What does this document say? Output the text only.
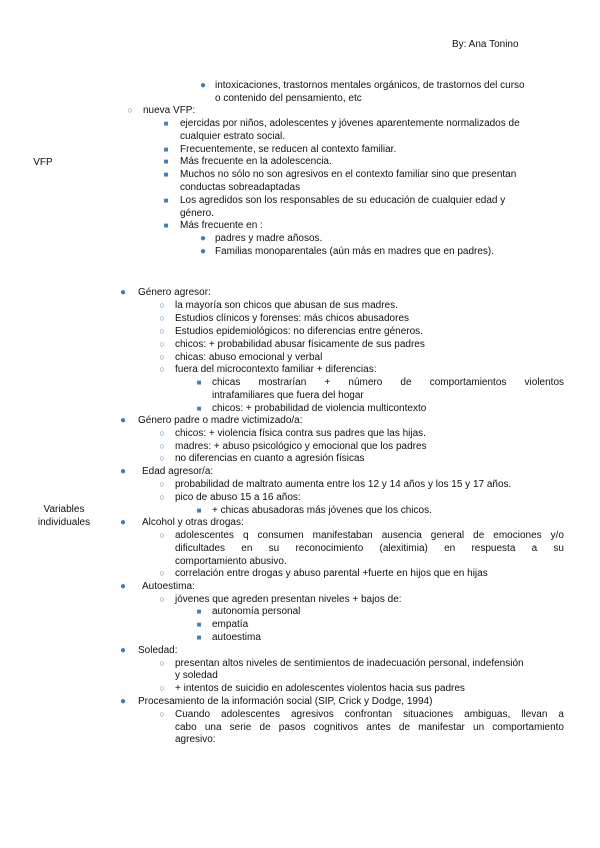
By: Ana Tonino
VFP
● intoxicaciones, trastornos mentales orgánicos, de trastornos del curso
o contenido del pensamiento, etc
○	nueva VFP:
■	ejercidas por niños, adolescentes y jóvenes aparentemente normalizados de
cualquier estrato social.
■	Frecuentemente, se reducen al contexto familiar.
■	Más frecuente en la adolescencia.
■	Muchos no sólo no son agresivos en el contexto familiar sino que presentan
conductas sobreadaptadas
■	Los agredidos son los responsables de su educación de cualquier edad y
género.
■	Más frecuente en :
● padres y madre añosos.
● Familias monoparentales (aún más en madres que en padres).
Variables
individuales
● Género agresor:
○	la mayoría son chicos que abusan de sus madres.
○	Estudios clínicos y forenses: más chicos abusadores
○	Estudios epidemiológicos: no diferencias entre géneros.
○	chicos: + probabilidad abusar físicamente de sus padres
○	chicas: abuso emocional y verbal
○	fuera del microcontexto familiar + diferencias:
■	chicas mostrarían + número de comportamientos violentos
intrafamiliares que fuera del hogar
■	chicos: + probabilidad de violencia multicontexto
● Género padre o madre victimizado/a:
○	chicos: + violencia física contra sus padres que las hijas.
○	madres: + abuso psicológico y emocional que los padres
○	no diferencias en cuanto a agresión físicas
● Edad agresor/a:
○	probabilidad de maltrato aumenta entre los 12 y 14 años y los 15 y 17 años.
○	pico de abuso 15 a 16 años:
■	+ chicas abusadoras más jóvenes que los chicos.
● Alcohol y otras drogas:
○	adolescentes q consumen manifestaban ausencia general de emociones y/o
dificultades en su reconocimiento (alexitimia) en respuesta a su
comportamiento abusivo.
○	correlación entre drogas y abuso parental +fuerte en hijos que en hijas
● Autoestima:
○	jóvenes que agreden presentan niveles + bajos de:
■	autonomía personal
■	empatía
■	autoestima
● Soledad:
○	presentan altos niveles de sentimientos de inadecuación personal, indefensión
y soledad
○	+ intentos de suicidio en adolescentes violentos hacia sus padres
● Procesamiento de la información social (SIP, Crick y Dodge, 1994)
○	Cuando adolescentes agresivos confrontan situaciones ambiguas, llevan a
cabo una serie de pasos cognitivos antes de manifestar un comportamiento
agresivo:
